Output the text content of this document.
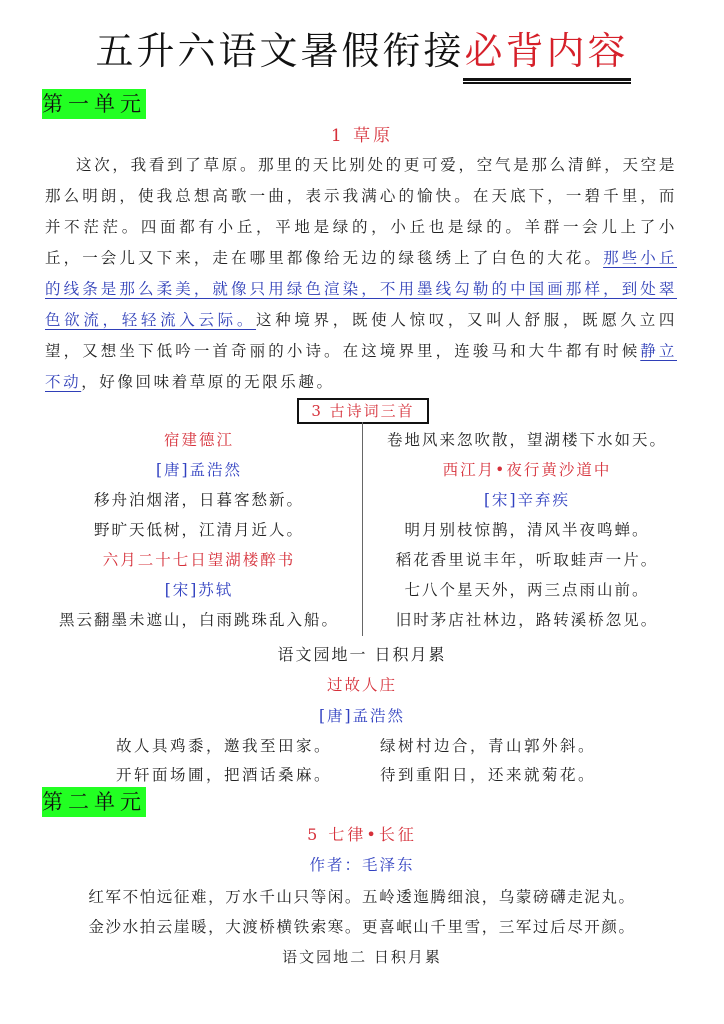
五升六语文暑假衔接必背内容
第一单元
1 草原
这次，我看到了草原。那里的天比别处的更可爱，空气是那么清鲜，天空是那么明朗，使我总想高歌一曲，表示我满心的愉快。在天底下，一碧千里，而并不茫茫。四面都有小丘，平地是绿的，小丘也是绿的。羊群一会儿上了小丘，一会儿又下来，走在哪里都像给无边的绿毯绣上了白色的大花。那些小丘的线条是那么柔美，就像只用绿色渲染，不用墨线勾勒的中国画那样，到处翠色欲流，轻轻流入云际。这种境界，既使人惊叹，又叫人舒服，既愿久立四望，又想坐下低吟一首奇丽的小诗。在这境界里，连骏马和大牛都有时候静立不动，好像回味着草原的无限乐趣。
3 古诗词三首
宿建德江
[唐]孟浩然
移舟泊烟渚，日暮客愁新。
野旷天低树，江清月近人。
六月二十七日望湖楼醉书
[宋]苏轼
黑云翻墨未遮山，白雨跳珠乱入船。
卷地风来忽吹散，望湖楼下水如天。
西江月•夜行黄沙道中
[宋]辛弃疾
明月别枝惊鹊，清风半夜鸣蝉。
稻花香里说丰年，听取蛙声一片。
七八个星天外，两三点雨山前。
旧时茅店社林边，路转溪桥忽见。
语文园地一 日积月累
过故人庄
[唐]孟浩然
故人具鸡黍，邀我至田家。	绿树村边合，青山郭外斜。
开轩面场圃，把酒话桑麻。	待到重阳日，还来就菊花。
第二单元
5 七律•长征
作者：毛泽东
红军不怕远征难，万水千山只等闲。五岭逶迤腾细浪，乌蒙磅礴走泥丸。
金沙水拍云崖暖，大渡桥横铁索寒。更喜岷山千里雪，三军过后尽开颜。
语文园地二 日积月累
